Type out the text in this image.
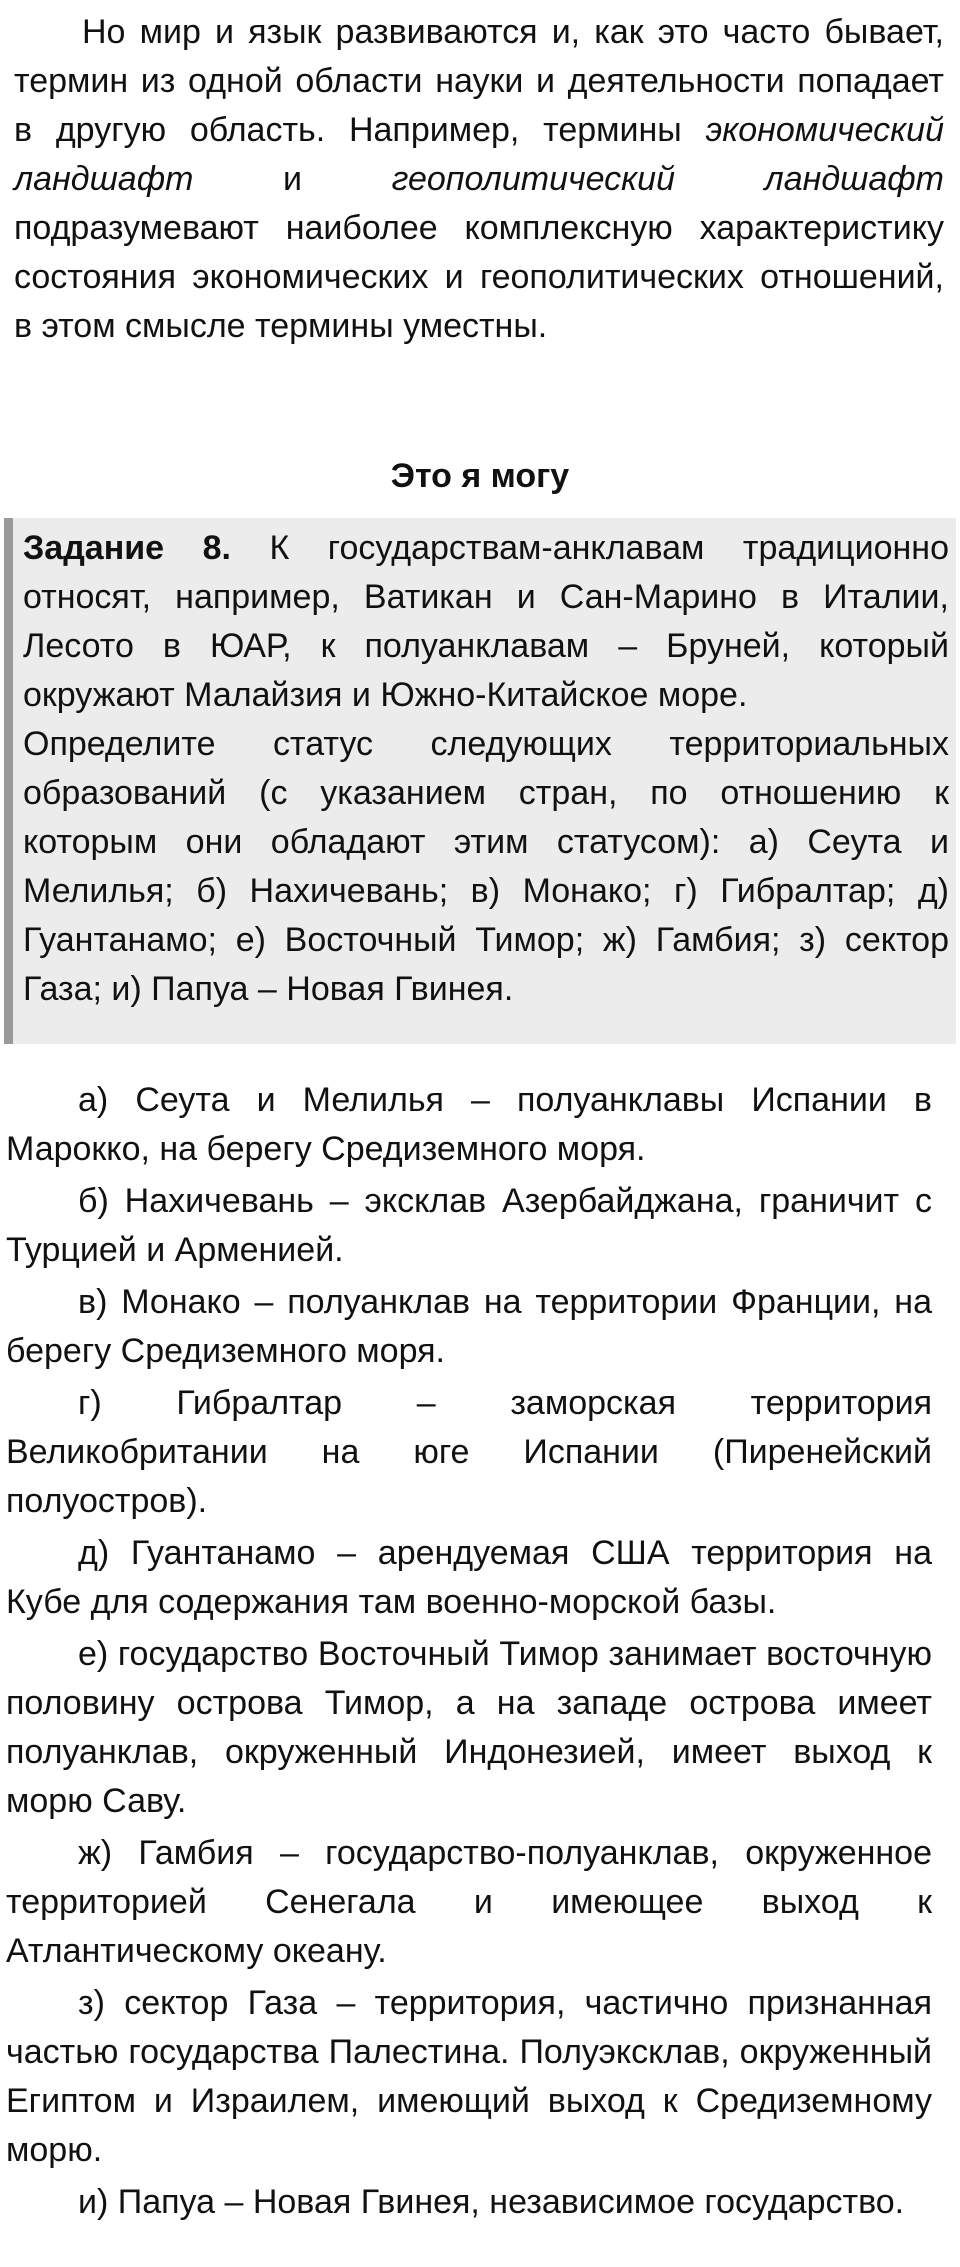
Но мир и язык развиваются и, как это часто бывает, термин из одной области науки и деятельности попадает в другую область. Например, термины экономический ландшафт и геополитический ландшафт подразумевают наиболее комплексную характеристику состояния экономических и геополитических отношений, в этом смысле термины уместны.

Это я могу

Задание 8. К государствам-анклавам традиционно относят, например, Ватикан и Сан-Марино в Италии, Лесото в ЮАР, к полуанклавам – Бруней, который окружают Малайзия и Южно-Китайское море.

Определите статус следующих территориальных образований (с указанием стран, по отношению к которым они обладают этим статусом): а) Сеута и Мелилья; б) Нахичевань; в) Монако; г) Гибралтар; д) Гуантанамо; е) Восточный Тимор; ж) Гамбия; з) сектор Газа; и) Папуа – Новая Гвинея.

а) Сеута и Мелилья – полуанклавы Испании в Марокко, на берегу Средиземного моря.

б) Нахичевань – эксклав Азербайджана, граничит с Турцией и Арменией.

в) Монако – полуанклав на территории Франции, на берегу Средиземного моря.

г) Гибралтар – заморская территория Великобритании на юге Испании (Пиренейский полуостров).

д) Гуантанамо – арендуемая США территория на Кубе для содержания там военно-морской базы.

е) государство Восточный Тимор занимает восточную половину острова Тимор, а на западе острова имеет полуанклав, окруженный Индонезией, имеет выход к морю Саву.

ж) Гамбия – государство-полуанклав, окруженное территорией Сенегала и имеющее выход к Атлантическому океану.

з) сектор Газа – территория, частично признанная частью государства Палестина. Полуэксклав, окруженный Египтом и Израилем, имеющий выход к Средиземному морю.

и) Папуа – Новая Гвинея, независимое государство.
